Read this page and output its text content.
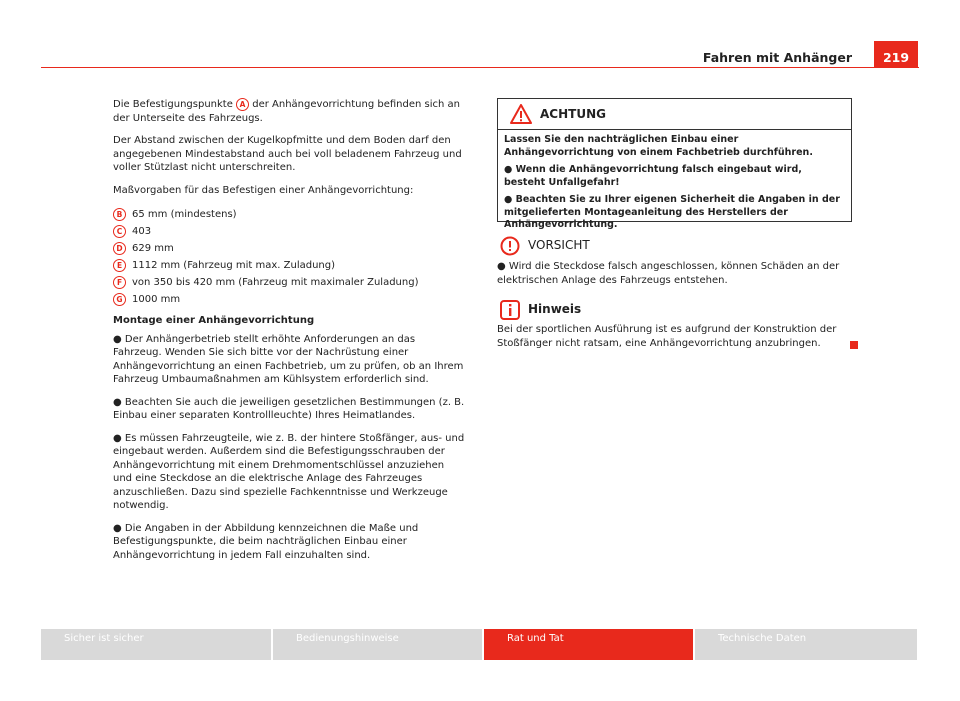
Fahren mit Anhänger	219

Die Befestigungspunkte A der Anhängevorrichtung befinden sich an der Unterseite des Fahrzeugs.

Der Abstand zwischen der Kugelkopfmitte und dem Boden darf den angegebenen Mindestabstand auch bei voll beladenem Fahrzeug und voller Stützlast nicht unterschreiten.

Maßvorgaben für das Befestigen einer Anhängevorrichtung:

B 65 mm (mindestens)
C 403
D 629 mm
E 1112 mm (Fahrzeug mit max. Zuladung)
F von 350 bis 420 mm (Fahrzeug mit maximaler Zuladung)
G 1000 mm

Montage einer Anhängevorrichtung

● Der Anhängerbetrieb stellt erhöhte Anforderungen an das Fahrzeug. Wenden Sie sich bitte vor der Nachrüstung einer Anhängevorrichtung an einen Fachbetrieb, um zu prüfen, ob an Ihrem Fahrzeug Umbaumaßnahmen am Kühlsystem erforderlich sind.

● Beachten Sie auch die jeweiligen gesetzlichen Bestimmungen (z. B. Einbau einer separaten Kontrollleuchte) Ihres Heimatlandes.

● Es müssen Fahrzeugteile, wie z. B. der hintere Stoßfänger, aus- und eingebaut werden. Außerdem sind die Befestigungsschrauben der Anhängevorrichtung mit einem Drehmomentschlüssel anzuziehen und eine Steckdose an die elektrische Anlage des Fahrzeuges anzuschließen. Dazu sind spezielle Fachkenntnisse und Werkzeuge notwendig.

● Die Angaben in der Abbildung kennzeichnen die Maße und Befestigungspunkte, die beim nachträglichen Einbau einer Anhängevorrichtung in jedem Fall einzuhalten sind.

ACHTUNG

Lassen Sie den nachträglichen Einbau einer Anhängevorrichtung von einem Fachbetrieb durchführen.

● Wenn die Anhängevorrichtung falsch eingebaut wird, besteht Unfallgefahr!

● Beachten Sie zu Ihrer eigenen Sicherheit die Angaben in der mitgelieferten Montageanleitung des Herstellers der Anhängevorrichtung.

VORSICHT

● Wird die Steckdose falsch angeschlossen, können Schäden an der elektrischen Anlage des Fahrzeugs entstehen.

Hinweis

Bei der sportlichen Ausführung ist es aufgrund der Konstruktion der Stoßfänger nicht ratsam, eine Anhängevorrichtung anzubringen.

Sicher ist sicher	Bedienungshinweise	Rat und Tat	Technische Daten
